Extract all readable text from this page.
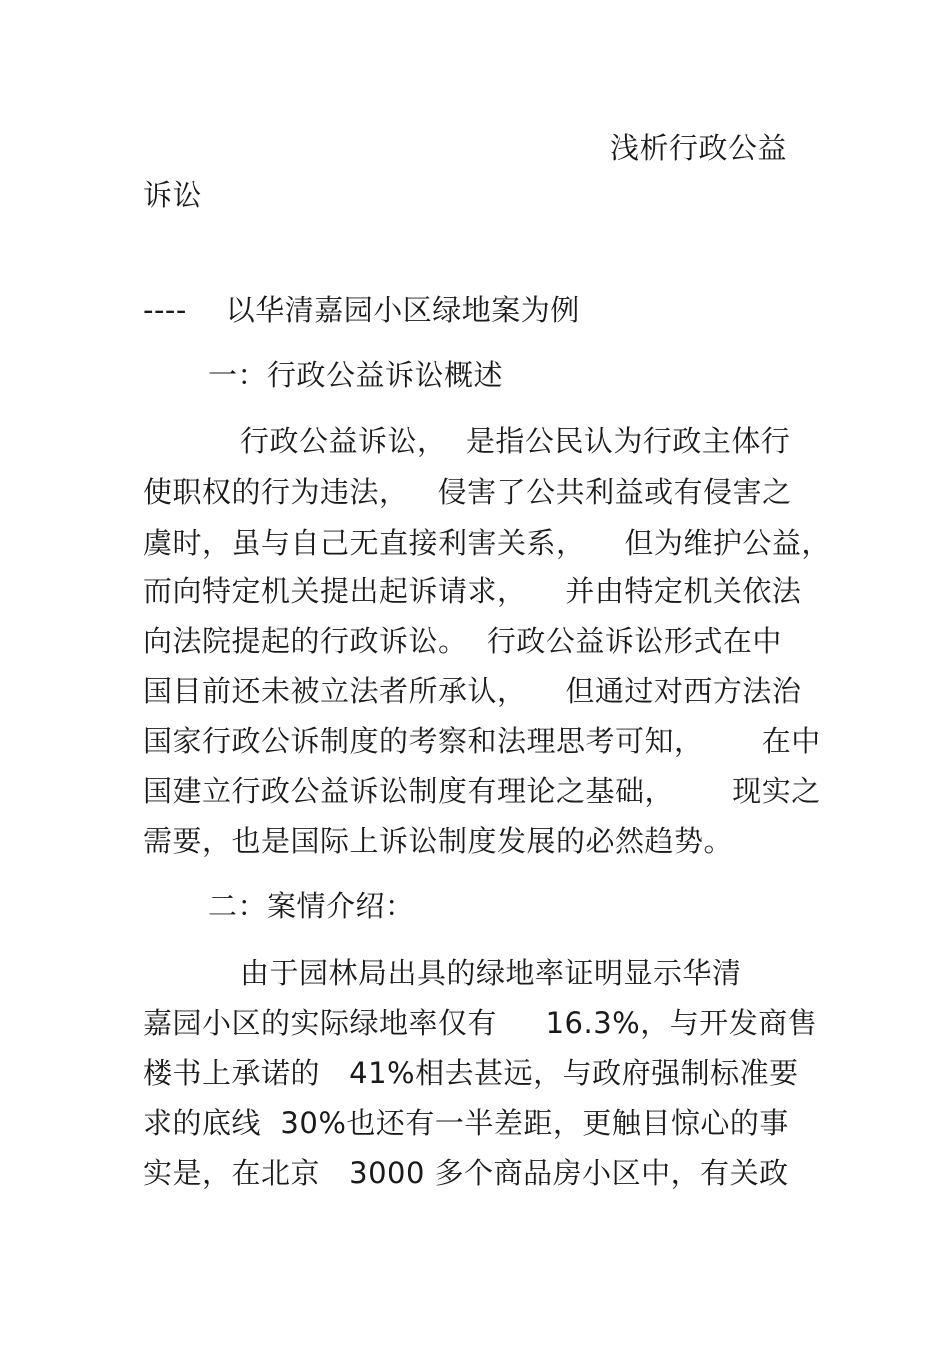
浅析行政公益
诉讼
----    以华清嘉园小区绿地案为例
一：行政公益诉讼概述
行政公益诉讼，  是指公民认为行政主体行
使职权的行为违法，   侵害了公共利益或有侵害之
虞时，虽与自己无直接利害关系，    但为维护公益，
而向特定机关提出起诉请求，    并由特定机关依法
向法院提起的行政诉讼。  行政公益诉讼形式在中
国目前还未被立法者所承认，    但通过对西方法治
国家行政公诉制度的考察和法理思考可知，      在中
国建立行政公益诉讼制度有理论之基础，      现实之
需要，也是国际上诉讼制度发展的必然趋势。
二：案情介绍：
由于园林局出具的绿地率证明显示华清
嘉园小区的实际绿地率仅有     16.3%，与开发商售
楼书上承诺的   41%相去甚远，与政府强制标准要
求的底线  30%也还有一半差距，更触目惊心的事
实是，在北京   3000 多个商品房小区中，有关政
